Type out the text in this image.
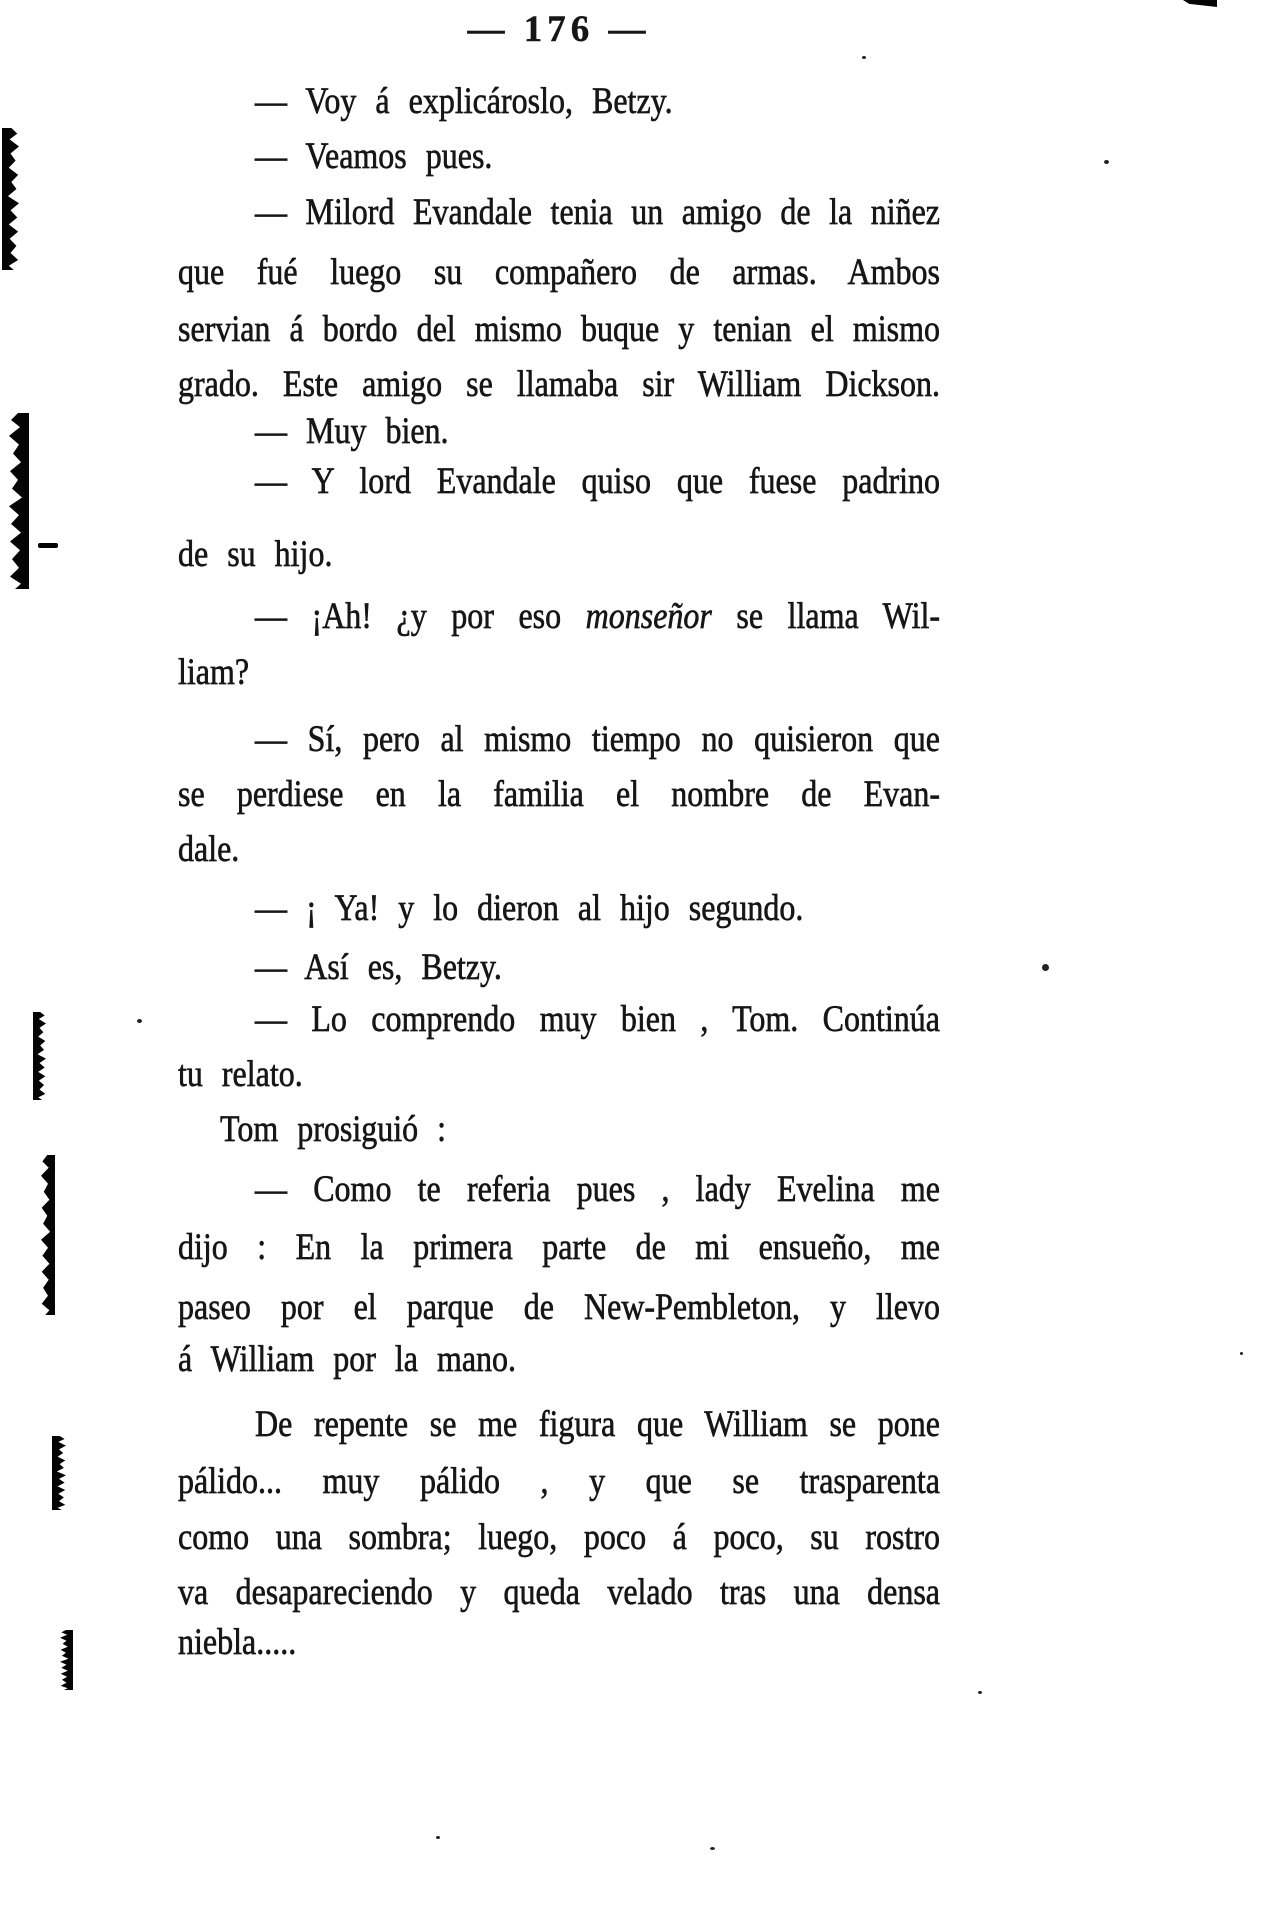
— 176 —
— Voy á explicároslo, Betzy.
— Veamos pues.
— Milord Evandale tenia un amigo de la niñez
que fué luego su compañero de armas. Ambos
servian á bordo del mismo buque y tenian el mismo
grado. Este amigo se llamaba sir William Dickson.
— Muy bien.
— Y lord Evandale quiso que fuese padrino
de su hijo.
— ¡Ah! ¿y por eso monseñor se llama Wil-
liam?
— Sí, pero al mismo tiempo no quisieron que
se perdiese en la familia el nombre de Evan-
dale.
— ¡ Ya! y lo dieron al hijo segundo.
— Así es, Betzy.
— Lo comprendo muy bien , Tom. Continúa
tu relato.
Tom prosiguió :
— Como te referia pues , lady Evelina me
dijo : En la primera parte de mi ensueño, me
paseo por el parque de New-Pembleton, y llevo
á William por la mano.
De repente se me figura que William se pone
pálido... muy pálido , y que se trasparenta
como una sombra; luego, poco á poco, su rostro
va desapareciendo y queda velado tras una densa
niebla.....
